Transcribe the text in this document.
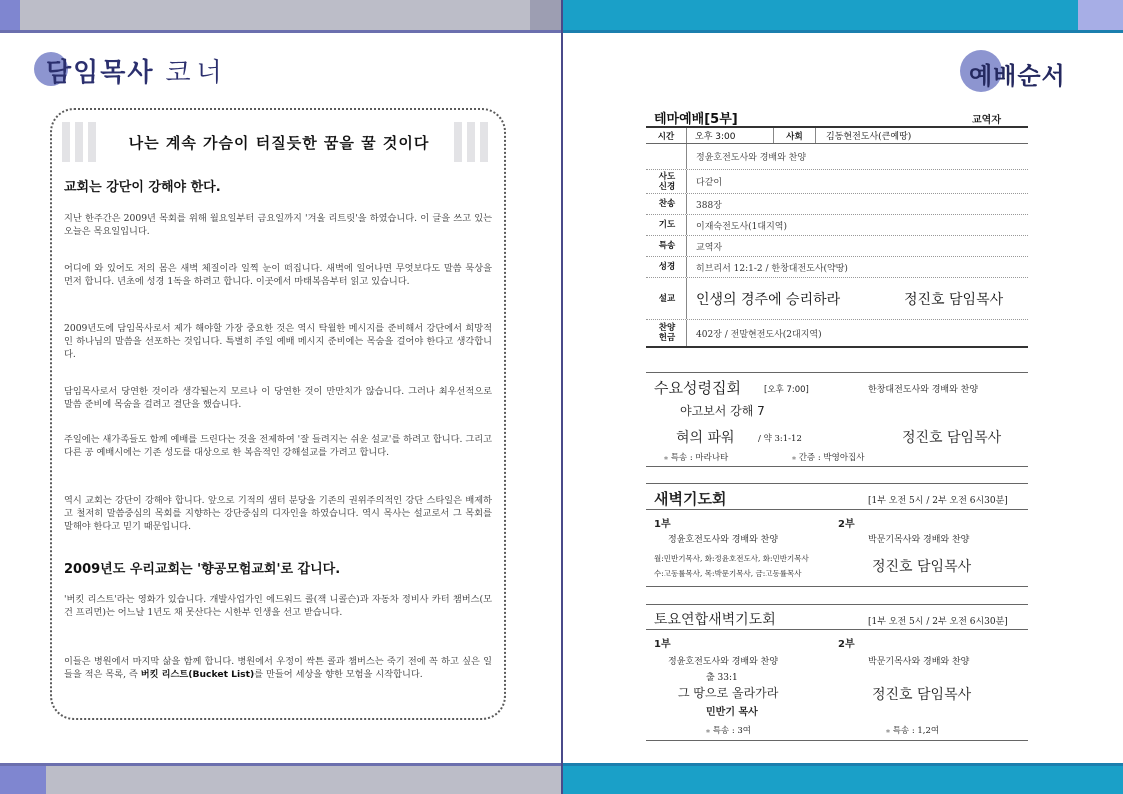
담임목사 코너	예배순서
나는 계속 가슴이 터질듯한 꿈을 꿀 것이다
교회는 강단이 강해야 한다.
지난 한주간은 2009년 목회를 위해 월요일부터 금요일까지 '겨울 리트릿'을 하였습니다. 이 글을 쓰고 있는 오늘은 목요일입니다.
어디에 와 있어도 저의 몸은 새벽 체질이라 일찍 눈이 떠집니다. 새벽에 일어나면 무엇보다도 말씀 묵상을 먼저 합니다. 년초에 성경 1독을 하려고 합니다. 이곳에서 마태복음부터 읽고 있습니다.
2009년도에 담임목사로서 제가 해야할 가장 중요한 것은 역시 탁월한 메시지를 준비해서 강단에서 희망적인 하나님의 말씀을 선포하는 것입니다. 특별히 주일 예배 메시지 준비에는 목숨을 걸어야 한다고 생각합니다.
담임목사로서 당연한 것이라 생각될는지 모르나 이 당연한 것이 만만치가 않습니다. 그러나 최우선적으로 말씀 준비에 목숨을 걸려고 결단을 했습니다.
주일에는 새가족들도 함께 예배를 드린다는 것을 전제하여 '잘 들려지는 쉬운 설교'를 하려고 합니다. 그리고 다른 공 예배시에는 기존 성도를 대상으로 한 복음적인 강해설교를 가려고 합니다.
역시 교회는 강단이 강해야 합니다. 앞으로 기적의 샘터 분당을 기존의 권위주의적인 강단 스타일은 배제하고 철저히 말씀중심의 목회를 지향하는 강단중심의 디자인을 하였습니다. 역시 목사는 설교로서 그 목회를 말해야 한다고 믿기 때문입니다.
2009년도 우리교회는 '향공모험교회'로 갑니다.
'버킷 리스트'라는 영화가 있습니다. 개발사업가인 에드워드 콜(잭 니콜슨)과 자동차 정비사 카터 챔버스(모건 프리먼)는 어느날 1년도 채 못산다는 시한부 인생을 선고 받습니다.
이들은 병원에서 마지막 삶을 함께 합니다. 병원에서 우정이 싹튼 콜과 챔버스는 죽기 전에 꼭 하고 싶은 일들을 적은 목록, 즉 버킷 리스트(Bucket List)를 만들어 세상을 향한 모험을 시작합니다.
테마예배[5부]	교역자
시간	오후 3:00	사회	김동현전도사(큰예땅)
정윤호전도사와 경배와 찬양
사도
신경	다같이
찬송	388장
기도	이재숙전도사(1대지역)
특송	교역자
성경	히브리서 12:1-2 / 한창대전도사(약땅)
설교	인생의 경주에 승리하라	정진호 담임목사
찬양
헌금	402장 / 전말현전도사(2대지역)
수요성령집회	[오후 7:00]	한창대전도사와 경배와 찬양
야고보서 강해 7
혀의 파워	/ 약 3:1-12	정진호 담임목사
⁎ 특송 : 마라나타	⁎ 간증 : 박영아집사
새벽기도회	[1부 오전 5시 / 2부 오전 6시30분]
1부	2부
정윤호전도사와 경배와 찬양	박문기목사와 경배와 찬양
월:민반기목사, 화:정윤호전도사, 화:민반기목사
수:고동률목사, 목:박문기목사, 금:고동률목사	정진호 담임목사
토요연합새벽기도회	[1부 오전 5시 / 2부 오전 6시30분]
1부	2부
정윤호전도사와 경배와 찬양	박문기목사와 경배와 찬양
출 33:1
그 땅으로 올라가라	정진호 담임목사
민반기 목사
⁎ 특송 : 3여	⁎ 특송 : 1,2여
